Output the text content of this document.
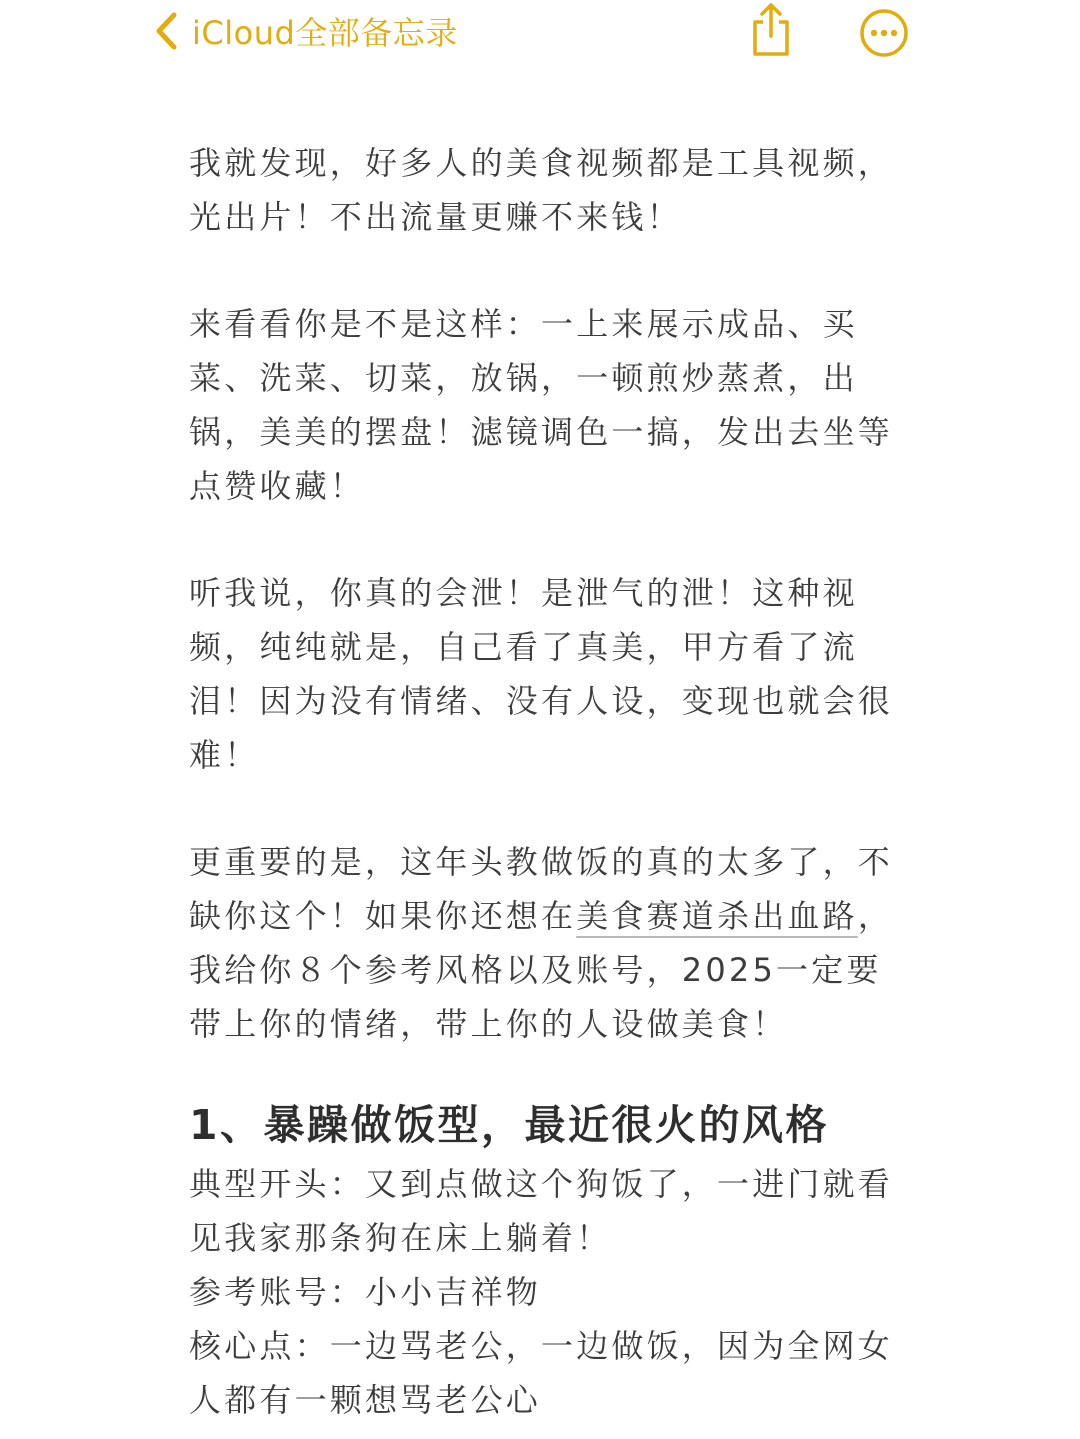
iCloud全部备忘录

我就发现，好多人的美食视频都是工具视频，光出片！不出流量更赚不来钱！

来看看你是不是这样：一上来展示成品、买菜、洗菜、切菜，放锅，一顿煎炒蒸煮，出锅，美美的摆盘！滤镜调色一搞，发出去坐等点赞收藏！

听我说，你真的会泄！是泄气的泄！这种视频，纯纯就是，自己看了真美，甲方看了流泪！因为没有情绪、没有人设，变现也就会很难！

更重要的是，这年头教做饭的真的太多了，不缺你这个！如果你还想在美食赛道杀出血路，我给你８个参考风格以及账号，2025一定要带上你的情绪，带上你的人设做美食！

1、暴躁做饭型，最近很火的风格

典型开头：又到点做这个狗饭了，一进门就看见我家那条狗在床上躺着！

参考账号：小小吉祥物

核心点：一边骂老公，一边做饭，因为全网女人都有一颗想骂老公心
